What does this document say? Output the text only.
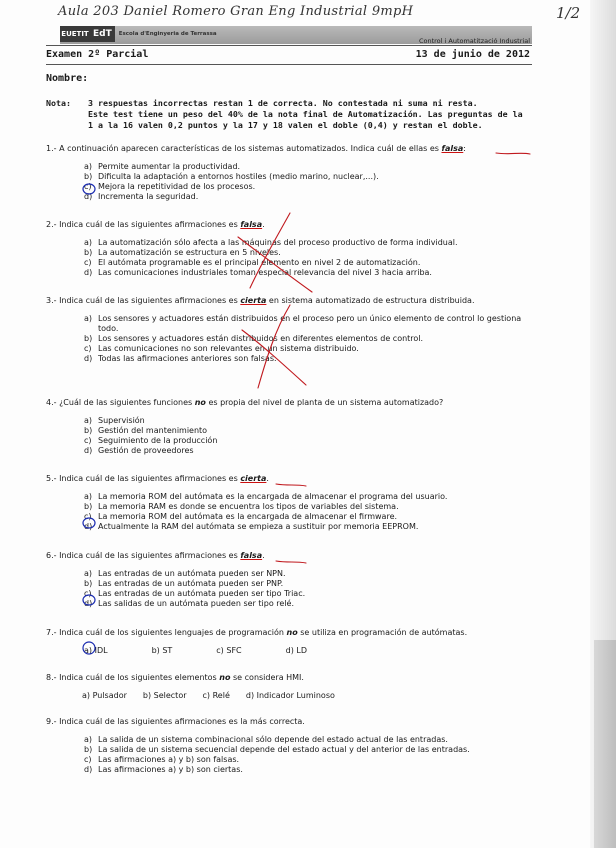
Aula 203 Daniel Romero Gran Eng Industrial 9mpH	1/2
EUETIT EdT	Escola d'Enginyeria de Terrassa
Control i Automatització Industrial
Examen 2º Parcial	13 de junio de 2012
Nombre:
Nota: 3 respuestas incorrectas restan 1 de correcta. No contestada ni suma ni resta.
Este test tiene un peso del 40% de la nota final de Automatización. Las preguntas de la
1 a la 16 valen 0,2 puntos y la 17 y 18 valen el doble (0,4) y restan el doble.
1.- A continuación aparecen características de los sistemas automatizados. Indica cuál de ellas es falsa:
a) Permite aumentar la productividad.
b) Dificulta la adaptación a entornos hostiles (medio marino, nuclear,...).
c) Mejora la repetitividad de los procesos.
d) Incrementa la seguridad.
2.- Indica cuál de las siguientes afirmaciones es falsa.
a) La automatización sólo afecta a las máquinas del proceso productivo de forma individual.
b) La automatización se estructura en 5 niveles.
c) El autómata programable es el principal elemento en nivel 2 de automatización.
d) Las comunicaciones industriales toman especial relevancia del nivel 3 hacia arriba.
3.- Indica cuál de las siguientes afirmaciones es cierta en sistema automatizado de estructura distribuida.
a) Los sensores y actuadores están distribuidos en el proceso pero un único elemento de control lo gestiona todo.
b) Los sensores y actuadores están distribuidos en diferentes elementos de control.
c) Las comunicaciones no son relevantes en un sistema distribuido.
d) Todas las afirmaciones anteriores son falsas.
4.- ¿Cuál de las siguientes funciones no es propia del nivel de planta de un sistema automatizado?
a) Supervisión
b) Gestión del mantenimiento
c) Seguimiento de la producción
d) Gestión de proveedores
5.- Indica cuál de las siguientes afirmaciones es cierta.
a) La memoria ROM del autómata es la encargada de almacenar el programa del usuario.
b) La memoria RAM es donde se encuentra los tipos de variables del sistema.
c) La memoria ROM del autómata es la encargada de almacenar el firmware.
d) Actualmente la RAM del autómata se empieza a sustituir por memoria EEPROM.
6.- Indica cuál de las siguientes afirmaciones es falsa.
a) Las entradas de un autómata pueden ser NPN.
b) Las entradas de un autómata pueden ser PNP.
c) Las entradas de un autómata pueden ser tipo Triac.
d) Las salidas de un autómata pueden ser tipo relé.
7.- Indica cuál de los siguientes lenguajes de programación no se utiliza en programación de autómatas.
a) IDL	b) ST	c) SFC	d) LD
8.- Indica cuál de los siguientes elementos no se considera HMI.
a) Pulsador b) Selector c) Relé d) Indicador Luminoso
9.- Indica cuál de las siguientes afirmaciones es la más correcta.
a) La salida de un sistema combinacional sólo depende del estado actual de las entradas.
b) La salida de un sistema secuencial depende del estado actual y del anterior de las entradas.
c) Las afirmaciones a) y b) son falsas.
d) Las afirmaciones a) y b) son ciertas.
